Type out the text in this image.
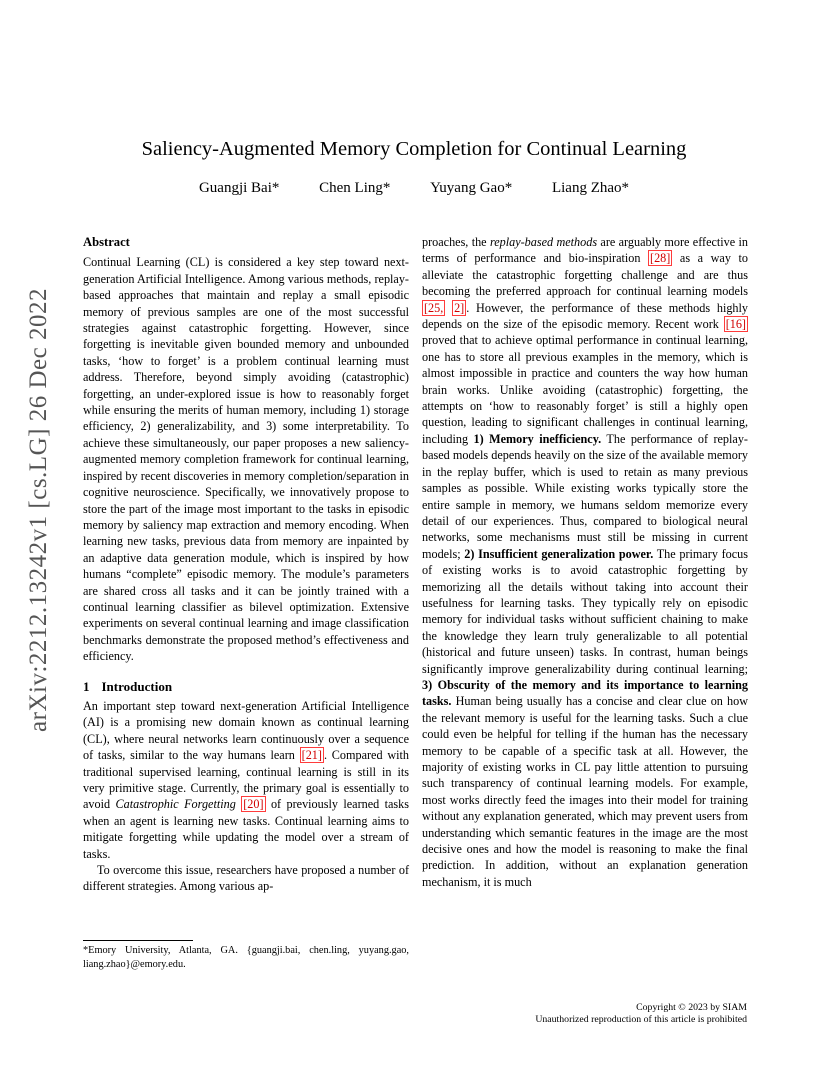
arXiv:2212.13242v1 [cs.LG] 26 Dec 2022
Saliency-Augmented Memory Completion for Continual Learning
Guangji Bai*	Chen Ling*	Yuyang Gao*	Liang Zhao*
Abstract

Continual Learning (CL) is considered a key step toward next-generation Artificial Intelligence. Among various methods, replay-based approaches that maintain and replay a small episodic memory of previous samples are one of the most successful strategies against catastrophic forgetting. However, since forgetting is inevitable given bounded memory and unbounded tasks, ‘how to forget’ is a problem continual learning must address. Therefore, beyond simply avoiding (catastrophic) forgetting, an under-explored issue is how to reasonably forget while ensuring the merits of human memory, including 1) storage efficiency, 2) generalizability, and 3) some interpretability. To achieve these simultaneously, our paper proposes a new saliency-augmented memory completion framework for continual learning, inspired by recent discoveries in memory completion/separation in cognitive neuroscience. Specifically, we innovatively propose to store the part of the image most important to the tasks in episodic memory by saliency map extraction and memory encoding. When learning new tasks, previous data from memory are inpainted by an adaptive data generation module, which is inspired by how humans “complete” episodic memory. The module’s parameters are shared cross all tasks and it can be jointly trained with a continual learning classifier as bilevel optimization. Extensive experiments on several continual learning and image classification benchmarks demonstrate the proposed method’s effectiveness and efficiency.

1 Introduction

An important step toward next-generation Artificial Intelligence (AI) is a promising new domain known as continual learning (CL), where neural networks learn continuously over a sequence of tasks, similar to the way humans learn [21] . Compared with traditional supervised learning, continual learning is still in its very primitive stage. Currently, the primary goal is essentially to avoid Catastrophic Forgetting [20] of previously learned tasks when an agent is learning new tasks. Continual learning aims to mitigate forgetting while updating the model over a stream of tasks.

To overcome this issue, researchers have proposed a number of different strategies. Among various ap-

proaches, the replay-based methods are arguably more effective in terms of performance and bio-inspiration [28] as a way to alleviate the catastrophic forgetting challenge and are thus becoming the preferred approach for continual learning models [25, 2] . However, the performance of these methods highly depends on the size of the episodic memory. Recent work [16] proved that to achieve optimal performance in continual learning, one has to store all previous examples in the memory, which is almost impossible in practice and counters the way how human brain works. Unlike avoiding (catastrophic) forgetting, the attempts on ‘how to reasonably forget’ is still a highly open question, leading to significant challenges in continual learning, including 1) Memory inefficiency. The performance of replay-based models depends heavily on the size of the available memory in the replay buffer, which is used to retain as many previous samples as possible. While existing works typically store the entire sample in memory, we humans seldom memorize every detail of our experiences. Thus, compared to biological neural networks, some mechanisms must still be missing in current models; 2) Insufficient generalization power. The primary focus of existing works is to avoid catastrophic forgetting by memorizing all the details without taking into account their usefulness for learning tasks. They typically rely on episodic memory for individual tasks without sufficient chaining to make the knowledge they learn truly generalizable to all potential (historical and future unseen) tasks. In contrast, human beings significantly improve generalizability during continual learning; 3) Obscurity of the memory and its importance to learning tasks. Human being usually has a concise and clear clue on how the relevant memory is useful for the learning tasks. Such a clue could even be helpful for telling if the human has the necessary memory to be capable of a specific task at all. However, the majority of existing works in CL pay little attention to pursuing such transparency of continual learning models. For example, most works directly feed the images into their model for training without any explanation generated, which may prevent users from understanding which semantic features in the image are the most decisive ones and how the model is reasoning to make the final prediction. In addition, without an explanation generation mechanism, it is much

*Emory University, Atlanta, GA. {guangji.bai, chen.ling, yuyang.gao, liang.zhao}@emory.edu.
Copyright © 2023 by SIAM
Unauthorized reproduction of this article is prohibited
